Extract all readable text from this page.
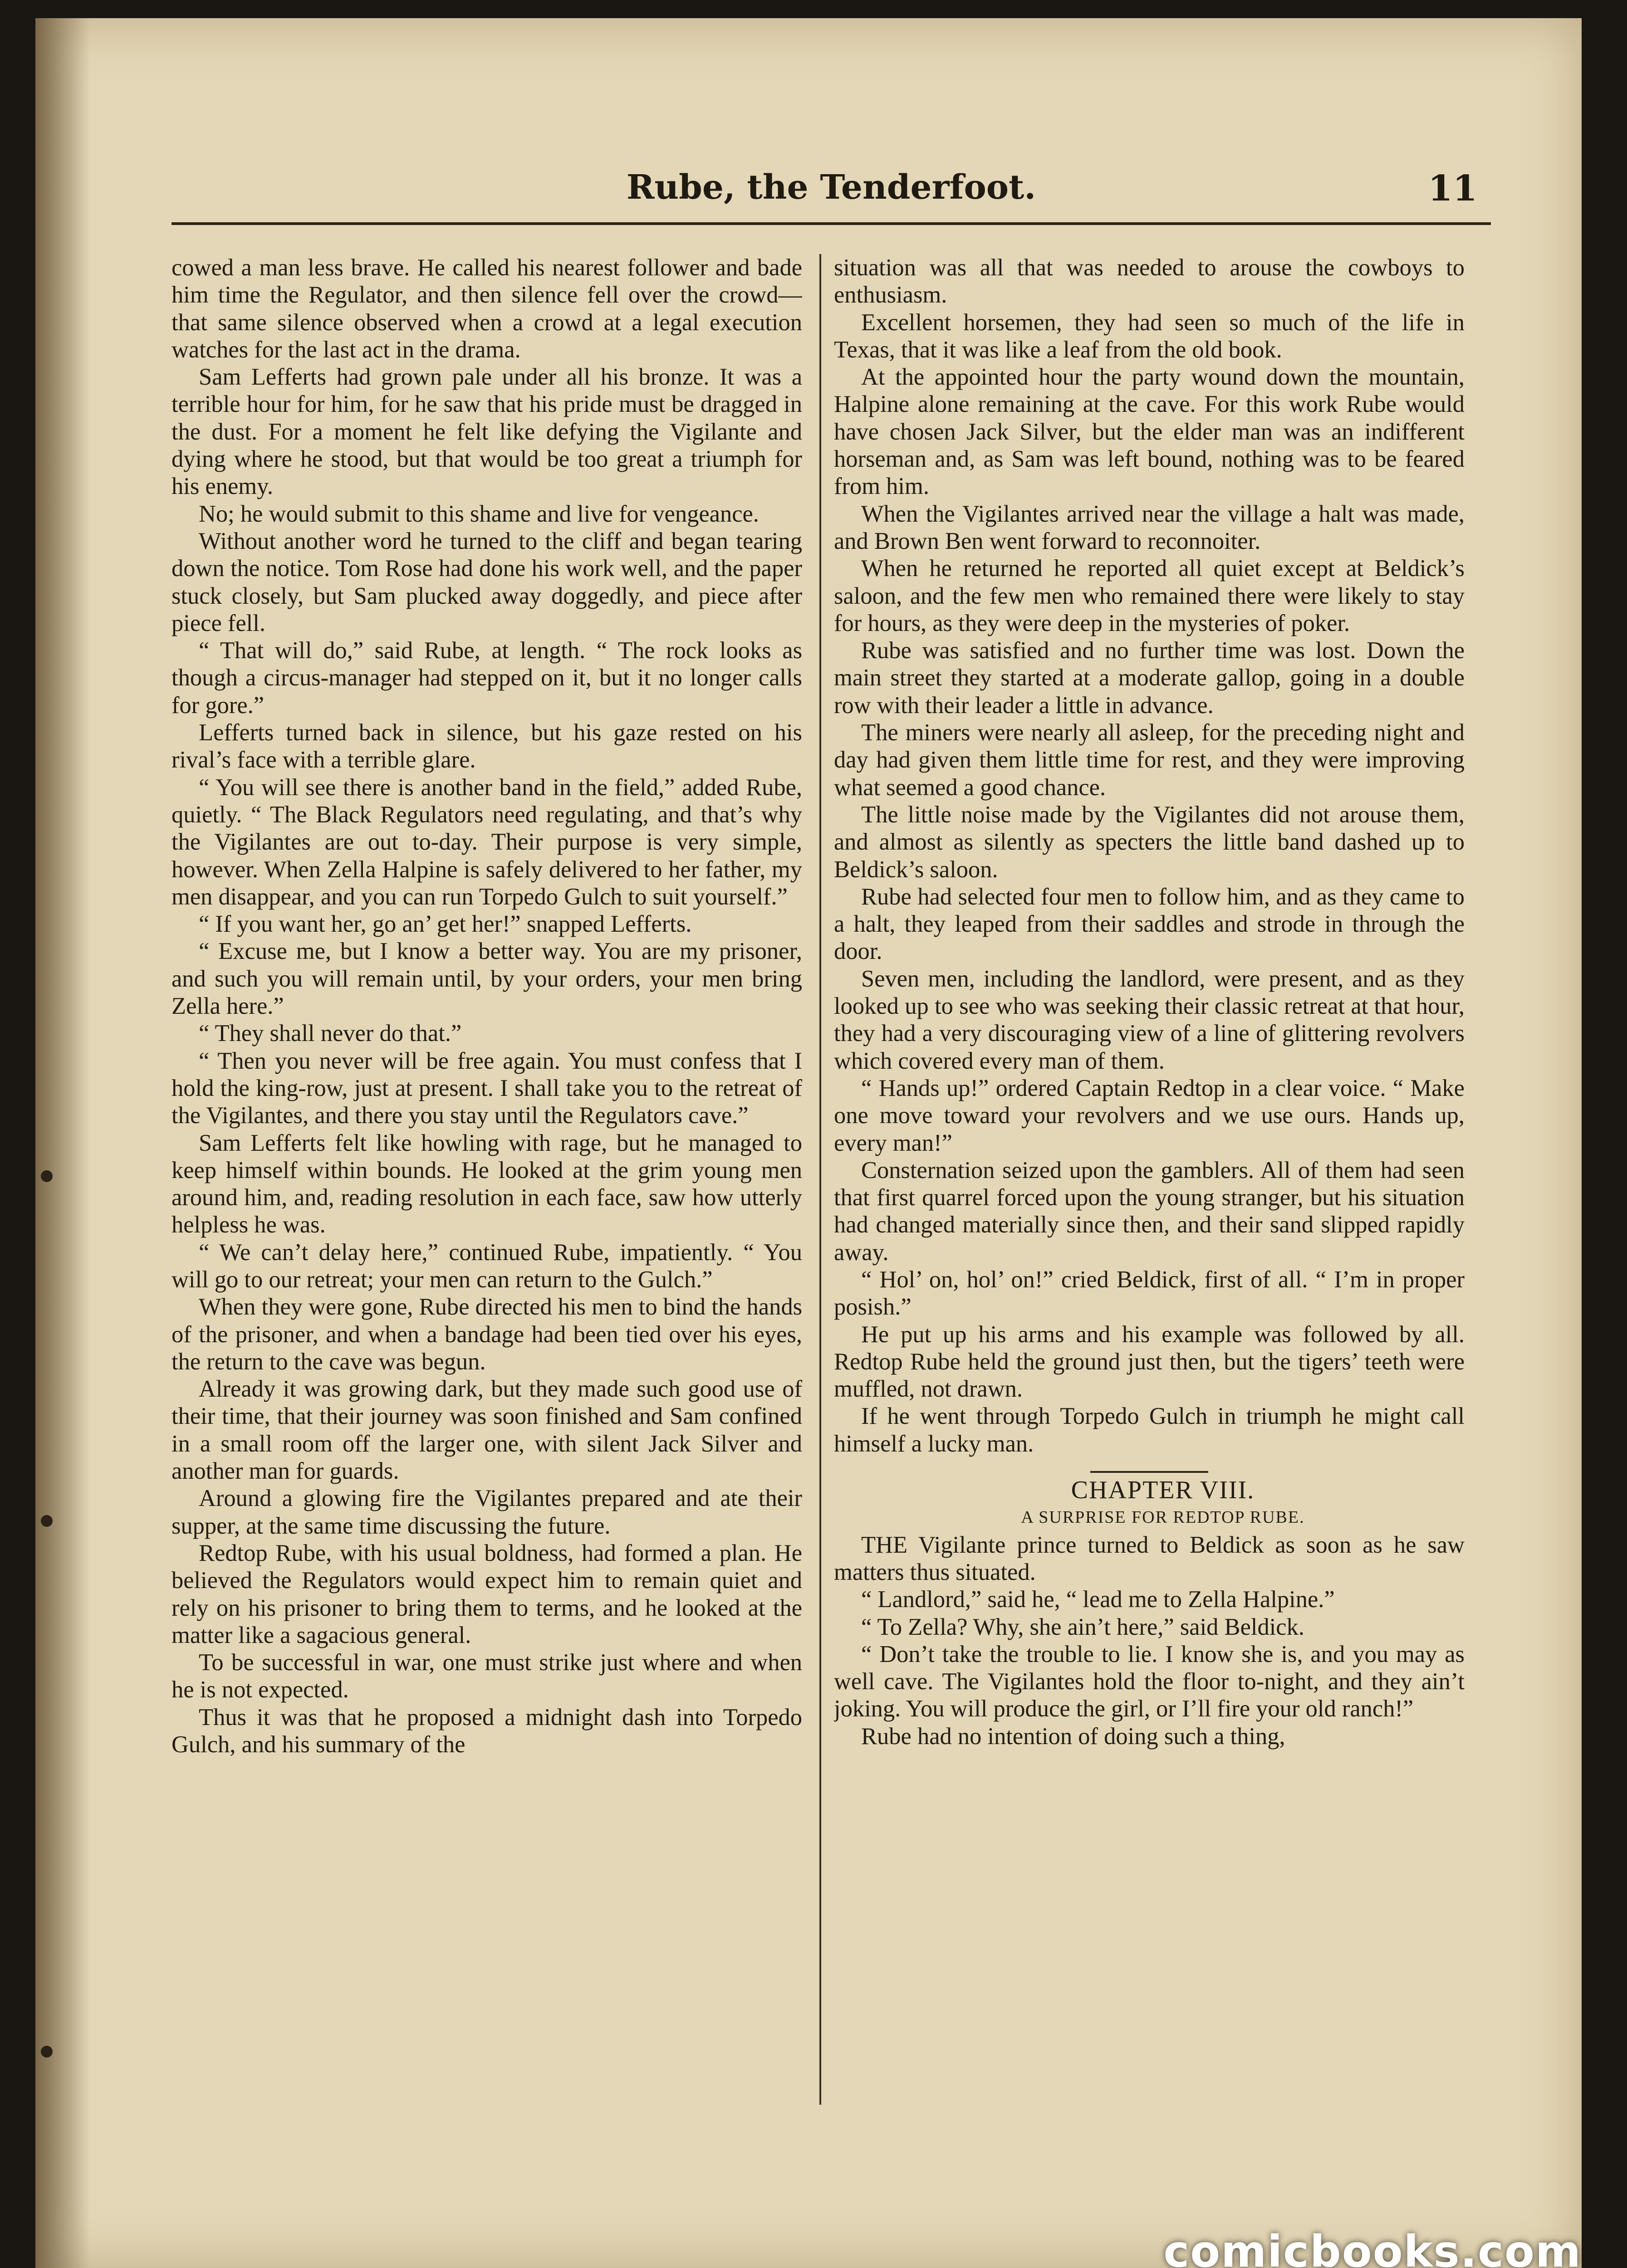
Rube, the Tenderfoot.	11

cowed a man less brave. He called his nearest follower and bade him time the Regulator, and then silence fell over the crowd—that same silence observed when a crowd at a legal execution watches for the last act in the drama.

Sam Lefferts had grown pale under all his bronze. It was a terrible hour for him, for he saw that his pride must be dragged in the dust. For a moment he felt like defying the Vigilante and dying where he stood, but that would be too great a triumph for his enemy.

No; he would submit to this shame and live for vengeance.

Without another word he turned to the cliff and began tearing down the notice. Tom Rose had done his work well, and the paper stuck closely, but Sam plucked away doggedly, and piece after piece fell.

“ That will do,” said Rube, at length. “ The rock looks as though a circus-manager had stepped on it, but it no longer calls for gore.”

Lefferts turned back in silence, but his gaze rested on his rival’s face with a terrible glare.

“ You will see there is another band in the field,” added Rube, quietly. “ The Black Regulators need regulating, and that’s why the Vigilantes are out to-day. Their purpose is very simple, however. When Zella Halpine is safely delivered to her father, my men disappear, and you can run Torpedo Gulch to suit yourself.”

“ If you want her, go an’ get her!” snapped Lefferts.

“ Excuse me, but I know a better way. You are my prisoner, and such you will remain until, by your orders, your men bring Zella here.”

“ They shall never do that.”

“ Then you never will be free again. You must confess that I hold the king-row, just at present. I shall take you to the retreat of the Vigilantes, and there you stay until the Regulators cave.”

Sam Lefferts felt like howling with rage, but he managed to keep himself within bounds. He looked at the grim young men around him, and, reading resolution in each face, saw how utterly helpless he was.

“ We can’t delay here,” continued Rube, impatiently. “ You will go to our retreat; your men can return to the Gulch.”

When they were gone, Rube directed his men to bind the hands of the prisoner, and when a bandage had been tied over his eyes, the return to the cave was begun.

Already it was growing dark, but they made such good use of their time, that their journey was soon finished and Sam confined in a small room off the larger one, with silent Jack Silver and another man for guards.

Around a glowing fire the Vigilantes prepared and ate their supper, at the same time discussing the future.

Redtop Rube, with his usual boldness, had formed a plan. He believed the Regulators would expect him to remain quiet and rely on his prisoner to bring them to terms, and he looked at the matter like a sagacious general.

To be successful in war, one must strike just where and when he is not expected.

Thus it was that he proposed a midnight dash into Torpedo Gulch, and his summary of the

situation was all that was needed to arouse the cowboys to enthusiasm.

Excellent horsemen, they had seen so much of the life in Texas, that it was like a leaf from the old book.

At the appointed hour the party wound down the mountain, Halpine alone remaining at the cave. For this work Rube would have chosen Jack Silver, but the elder man was an indifferent horseman and, as Sam was left bound, nothing was to be feared from him.

When the Vigilantes arrived near the village a halt was made, and Brown Ben went forward to reconnoiter.

When he returned he reported all quiet except at Beldick’s saloon, and the few men who remained there were likely to stay for hours, as they were deep in the mysteries of poker.

Rube was satisfied and no further time was lost. Down the main street they started at a moderate gallop, going in a double row with their leader a little in advance.

The miners were nearly all asleep, for the preceding night and day had given them little time for rest, and they were improving what seemed a good chance.

The little noise made by the Vigilantes did not arouse them, and almost as silently as specters the little band dashed up to Beldick’s saloon.

Rube had selected four men to follow him, and as they came to a halt, they leaped from their saddles and strode in through the door.

Seven men, including the landlord, were present, and as they looked up to see who was seeking their classic retreat at that hour, they had a very discouraging view of a line of glittering revolvers which covered every man of them.

“ Hands up!” ordered Captain Redtop in a clear voice. “ Make one move toward your revolvers and we use ours. Hands up, every man!”

Consternation seized upon the gamblers. All of them had seen that first quarrel forced upon the young stranger, but his situation had changed materially since then, and their sand slipped rapidly away.

“ Hol’ on, hol’ on!” cried Beldick, first of all. “ I’m in proper posish.”

He put up his arms and his example was followed by all. Redtop Rube held the ground just then, but the tigers’ teeth were muffled, not drawn.

If he went through Torpedo Gulch in triumph he might call himself a lucky man.

CHAPTER VIII.

A SURPRISE FOR REDTOP RUBE.

THE Vigilante prince turned to Beldick as soon as he saw matters thus situated.

“ Landlord,” said he, “ lead me to Zella Halpine.”

“ To Zella? Why, she ain’t here,” said Beldick.

“ Don’t take the trouble to lie. I know she is, and you may as well cave. The Vigilantes hold the floor to-night, and they ain’t joking. You will produce the girl, or I’ll fire your old ranch!”

Rube had no intention of doing such a thing,

comicbooks.com
